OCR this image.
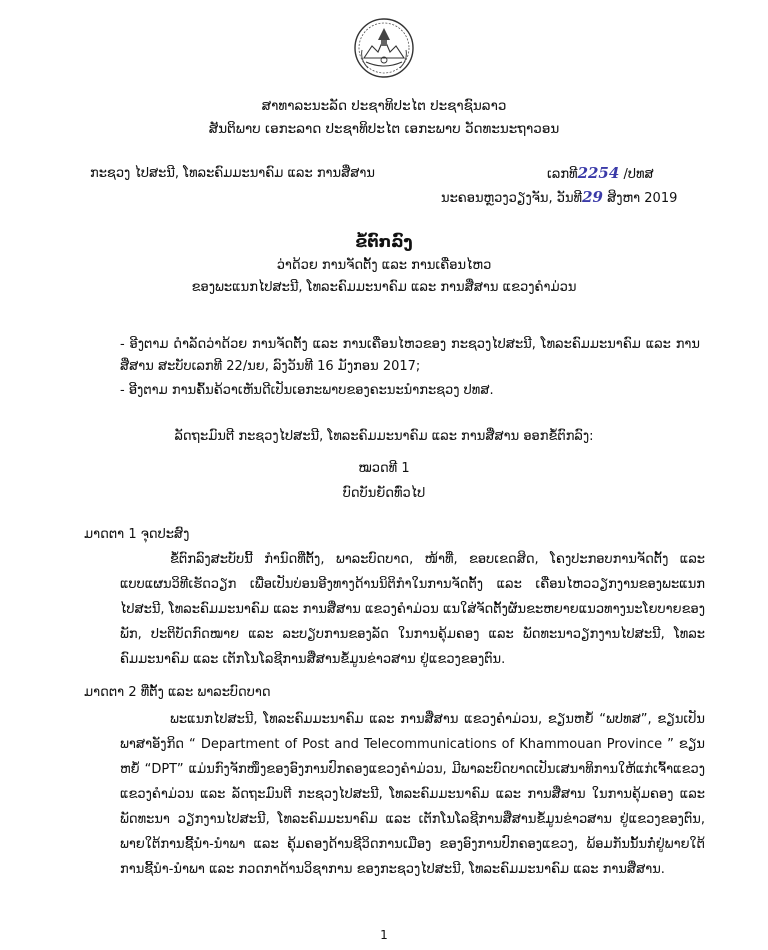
ສາທາລະນະລັດ ປະຊາທິປະໄຕ ປະຊາຊົນລາວ
ສັນຕິພາບ ເອກະລາດ ປະຊາທິປະໄຕ ເອກະພາບ ວັດທະນະຖາວອນ
ກະຊວງ ໄປສະນີ, ໂທລະຄົມມະນາຄົມ ແລະ ການສື່ສານ	ເລກທີ2254 /ປທສ
ນະຄອນຫຼວງວຽງຈັນ, ວັນທີ29 ສິງຫາ 2019
ຂໍ້ຕົກລົງ
ວ່າດ້ວຍ ການຈັດຕັ້ງ ແລະ ການເຄື່ອນໄຫວ
ຂອງພະແນກໄປສະນີ, ໂທລະຄົມມະນາຄົມ ແລະ ການສື່ສານ ແຂວງຄໍາມ່ວນ
- ອີງຕາມ ດໍາລັດວ່າດ້ວຍ ການຈັດຕັ້ງ ແລະ ການເຄື່ອນໄຫວຂອງ ກະຊວງໄປສະນີ, ໂທລະຄົມມະນາຄົມ ແລະ ການສື່ສານ ສະບັບເລກທີ 22/ນຍ, ລົງວັນທີ 16 ມັງກອນ 2017;
- ອີງຕາມ ການຄົ້ນຄ້ວາເຫັນດີເປັນເອກະພາບຂອງຄະນະນໍາກະຊວງ ປທສ.
ລັດຖະມົນຕີ ກະຊວງໄປສະນີ, ໂທລະຄົມມະນາຄົມ ແລະ ການສື່ສານ ອອກຂໍ້ຕົກລົງ:
ໝວດທີ 1
ບົດບັນຍັດທົ່ວໄປ
ມາດຕາ 1 ຈຸດປະສົງ
ຂໍ້ຕົກລົງສະບັບນີ້ ກໍານົດທີ່ຕັ້ງ, ພາລະບົດບາດ, ໜ້າທີ່, ຂອບເຂດສິດ, ໂຄງປະກອບການຈັດຕັ້ງ ແລະ ແບບແຜນວິທີເຮັດວຽກ ເພື່ອເປັນບ່ອນອີງທາງດ້ານນິຕິກໍາໃນການຈັດຕັ້ງ ແລະ ເຄື່ອນໄຫວວຽກງານຂອງພະແນກໄປສະນີ, ໂທລະຄົມມະນາຄົມ ແລະ ການສື່ສານ ແຂວງຄໍາມ່ວນ ແນໃສ່ຈັດຕັ້ງຜັນຂະຫຍາຍແນວທາງນະໂຍບາຍຂອງພັກ, ປະຕິບັດກົດໝາຍ ແລະ ລະບຽບການຂອງລັດ ໃນການຄຸ້ມຄອງ ແລະ ພັດທະນາວຽກງານໄປສະນີ, ໂທລະຄົມມະນາຄົມ ແລະ ເຕັກໂນໂລຊີການສື່ສານຂໍ້ມູນຂ່າວສານ ຢູ່ແຂວງຂອງຕົນ.
ມາດຕາ 2 ທີ່ຕັ້ງ ແລະ ພາລະບົດບາດ
ພະແນກໄປສະນີ, ໂທລະຄົມມະນາຄົມ ແລະ ການສື່ສານ ແຂວງຄໍາມ່ວນ, ຂຽນຫຍໍ້ “ພປທສ”, ຂຽນເປັນພາສາອັງກິດ “ Department of Post and Telecommunications of Khammouan Province ” ຂຽນຫຍໍ້ “DPT” ແມ່ນກົງຈັກໜຶ່ງຂອງອົງການປົກຄອງແຂວງຄໍາມ່ວນ, ມີພາລະບົດບາດເປັນເສນາທິການໃຫ້ແກ່ເຈົ້າແຂວງ ແຂວງຄໍາມ່ວນ ແລະ ລັດຖະມົນຕີ ກະຊວງໄປສະນີ, ໂທລະຄົມມະນາຄົມ ແລະ ການສື່ສານ ໃນການຄຸ້ມຄອງ ແລະ ພັດທະນາ ວຽກງານໄປສະນີ, ໂທລະຄົມມະນາຄົມ ແລະ ເຕັກໂນໂລຊີການສື່ສານຂໍ້ມູນຂ່າວສານ ຢູ່ແຂວງຂອງຕົນ, ພາຍໃຕ້ການຊີ້ນໍາ-ນໍາພາ ແລະ ຄຸ້ມຄອງດ້ານຊີວິດການເມືອງ ຂອງອົງການປົກຄອງແຂວງ, ພ້ອມກັນນັ້ນກໍ່ຢູ່ພາຍໃຕ້ການຊີ້ນໍາ-ນໍາພາ ແລະ ກວດກາດ້ານວິຊາການ ຂອງກະຊວງໄປສະນີ, ໂທລະຄົມມະນາຄົມ ແລະ ການສື່ສານ.
1
